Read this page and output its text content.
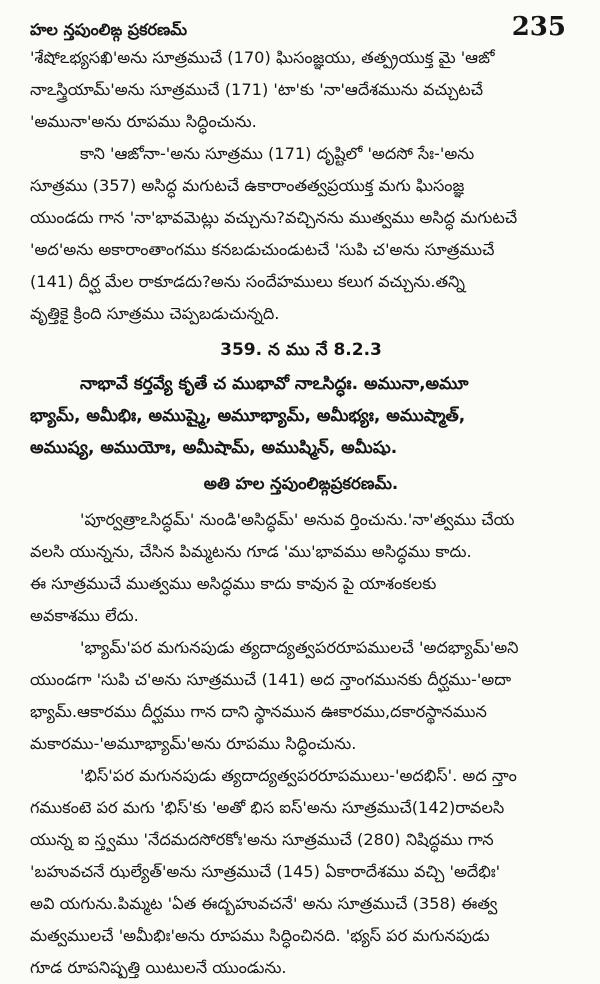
హల న్తపుంలిఙ్గ ప్రకరణమ్	235
'శేషోఽభ్యసఖి'అను సూత్రముచే (170) ఘిసంజ్ఞయు, తత్ప్రయుక్త మై 'ఆఙో
నాఽస్త్రియామ్'అను సూత్రముచే (171) 'టా'కు 'నా'ఆదేశమును వచ్చుటచే
'అమునా'అను రూపము సిద్ధించును.
కాని 'ఆఙోనా-'అను సూత్రము (171) దృష్టిలో 'అదసో సేః-'అను
సూత్రము (357) అసిద్ధ మగుటచే ఉకారాంతత్వప్రయుక్త మగు ఘిసంజ్ఞ
యుండదు గాన 'నా'భావమెట్లు వచ్చును?వచ్చినను ముత్వము అసిద్ధ మగుటచే
'అద'అను అకారాంతాంగము కనబడుచుండుటచే 'సుపి చ'అను సూత్రముచే
(141) దీర్ఘ మేల రాకూడదు?అను సందేహములు కలుగ వచ్చును.తన్ని
వృత్తికై క్రింది సూత్రము చెప్పబడుచున్నది.
359. న ము నే 8.2.3
నాభావే కర్తవ్యే కృతే చ ముభావో నాఽసిద్ధః. అమునా,అమూ
భ్యామ్, అమీభిః, అముష్మై, అమూభ్యామ్, అమీభ్యః, అముష్మాత్,
అముష్య, అముయోః, అమీషామ్, అముష్మిన్, అమీషు.
అతి హల న్తపుంలిఙ్గప్రకరణమ్.
'పూర్వత్రాఽసిద్ధమ్' నుండి'అసిద్ధమ్' అనువ ర్తించును.'నా'త్వము చేయ
వలసి యున్నను, చేసిన పిమ్మటను గూడ 'ము'భావము అసిద్ధము కాదు.
ఈ సూత్రముచే ముత్వము అసిద్ధము కాదు కావున పై యాశంకలకు
అవకాశము లేదు.
'భ్యామ్'పర మగునపుడు త్యదాద్యత్వపరరూపములచే 'అదభ్యామ్'అని
యుండగా 'సుపి చ'అను సూత్రముచే (141) అద న్తాంగమునకు దీర్ఘము-'అదా
భ్యామ్.ఆకారము దీర్ఘము గాన దాని స్థానమున ఊకారము,దకారస్థానమున
మకారము-'అమూభ్యామ్'అను రూపము సిద్ధించును.
'భిస్'పర మగునపుడు త్యదాద్యత్వపరరూపములు-'అదభిస్'. అద న్తాం
గముకంటె పర మగు 'భిస్'కు 'అతో భిస ఐస్'అను సూత్రముచే(142)రావలసి
యున్న ఐ స్త్వము 'నేదమదసోరకోః'అను సూత్రముచే (280) నిషిద్ధము గాన
'బహువచనే ఝల్యేత్'అను సూత్రముచే (145) ఏకారాదేశము వచ్చి 'అదేభిః'
అవి యగును.పిమ్మట 'ఏత ఈద్బహువచనే' అను సూత్రముచే (358) ఈత్వ
మత్వములచే 'అమీభిః'అను రూపము సిద్ధించినది. 'భ్యస్ పర మగునపుడు
గూడ రూపనిష్పత్తి యిటులనే యుండును.
